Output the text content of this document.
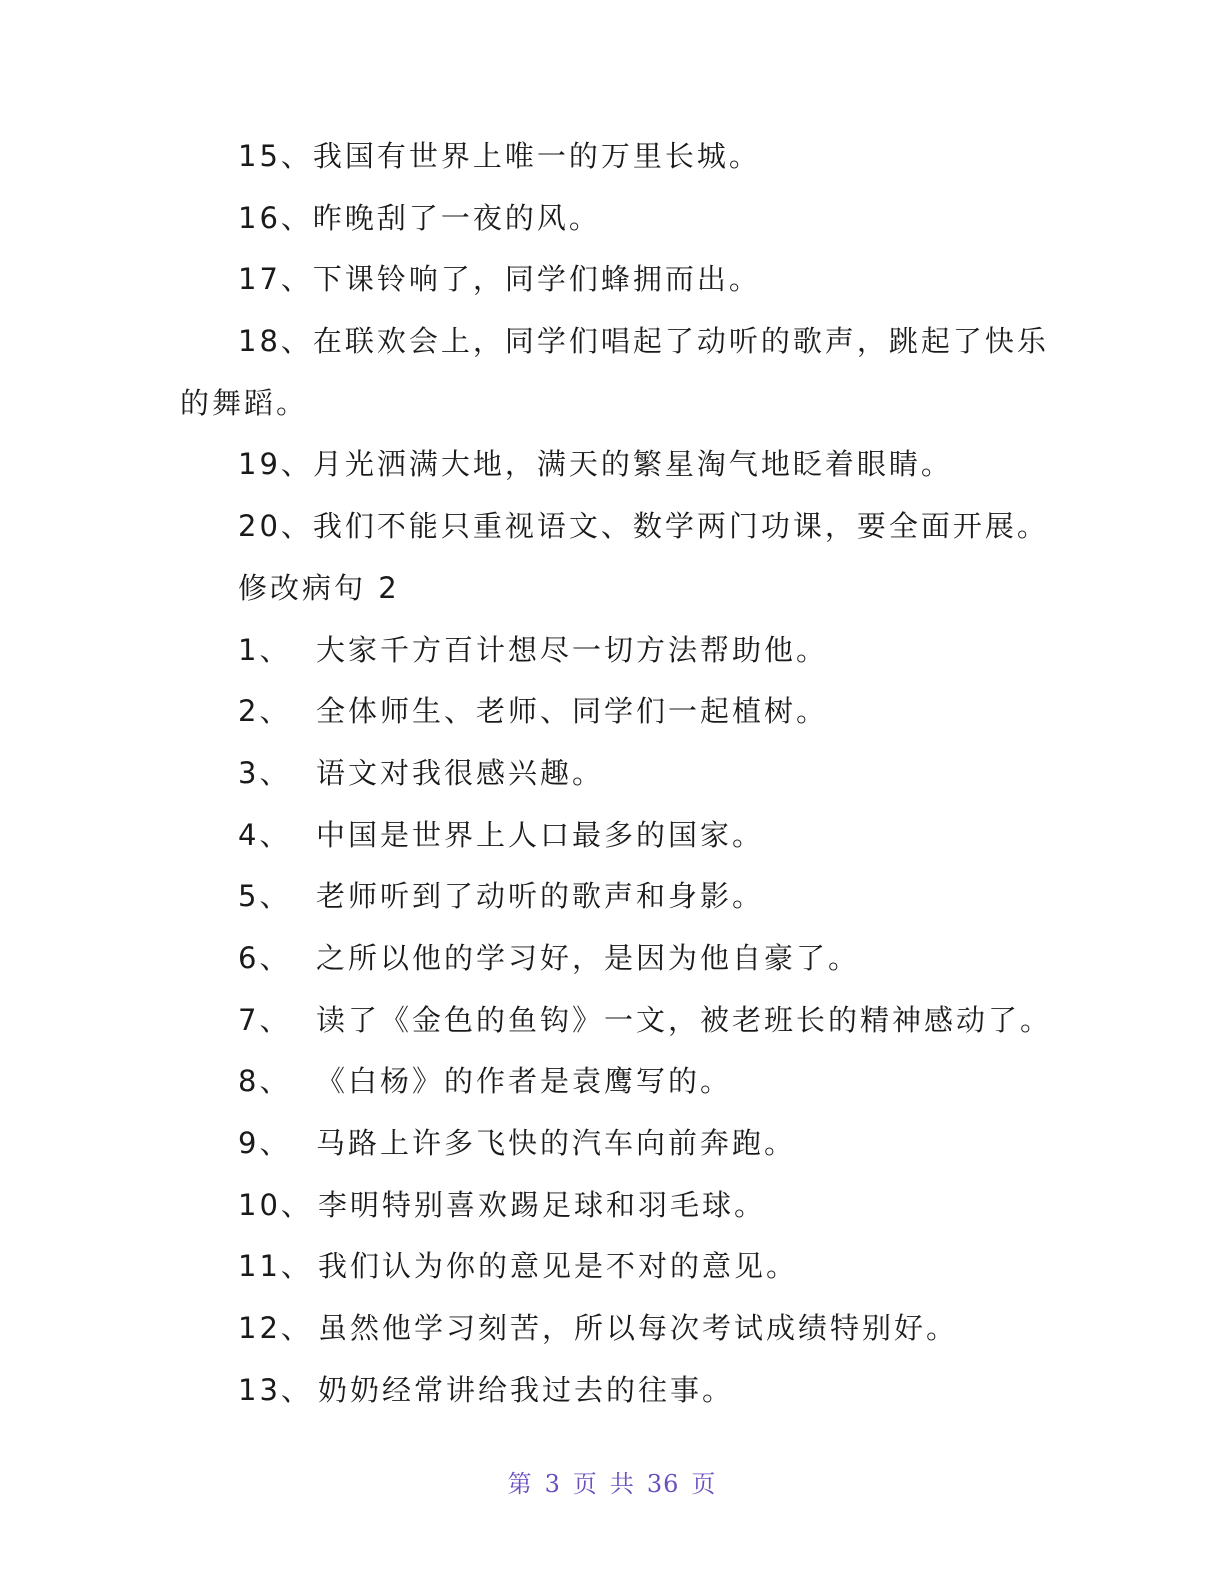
15、我国有世界上唯一的万里长城。
16、昨晚刮了一夜的风。
17、下课铃响了，同学们蜂拥而出。
18、在联欢会上，同学们唱起了动听的歌声，跳起了快乐
的舞蹈。
19、月光洒满大地，满天的繁星淘气地眨着眼睛。
20、我们不能只重视语文、数学两门功课，要全面开展。
修改病句 2
1、 大家千方百计想尽一切方法帮助他。
2、 全体师生、老师、同学们一起植树。
3、 语文对我很感兴趣。
4、 中国是世界上人口最多的国家。
5、 老师听到了动听的歌声和身影。
6、 之所以他的学习好，是因为他自豪了。
7、 读了《金色的鱼钩》一文，被老班长的精神感动了。
8、 《白杨》的作者是袁鹰写的。
9、 马路上许多飞快的汽车向前奔跑。
10、 李明特别喜欢踢足球和羽毛球。
11、 我们认为你的意见是不对的意见。
12、 虽然他学习刻苦，所以每次考试成绩特别好。
13、 奶奶经常讲给我过去的往事。
第 3 页 共 36 页
